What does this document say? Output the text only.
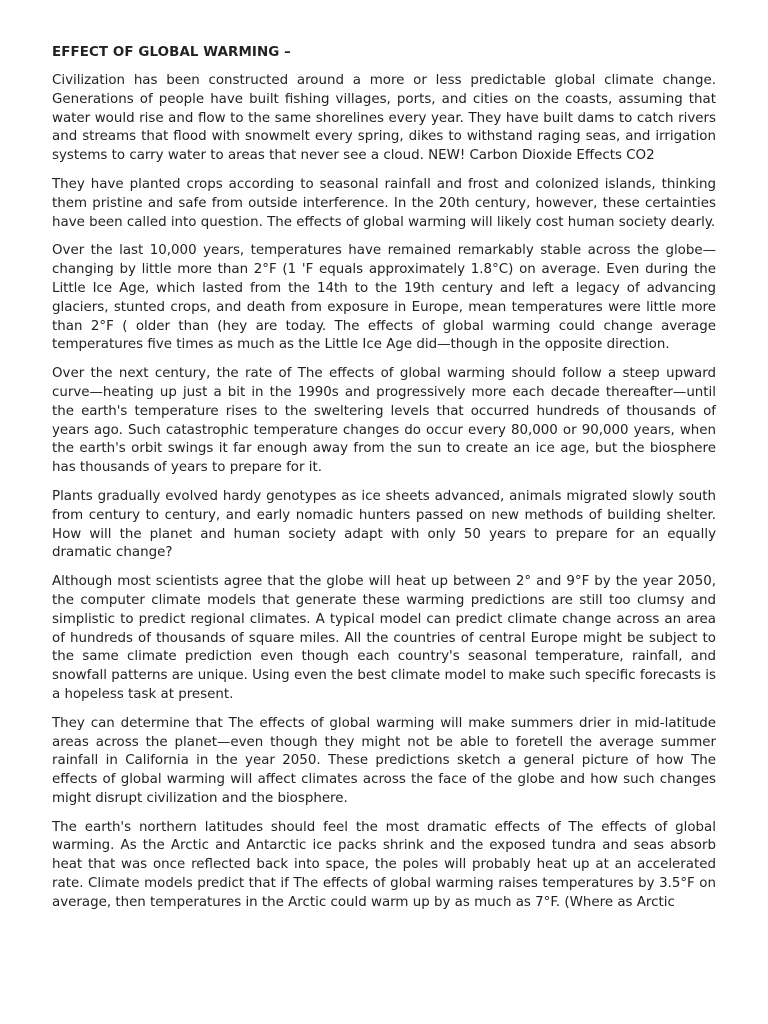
EFFECT OF GLOBAL WARMING –

Civilization has been constructed around a more or less predictable global climate change. Generations of people have built fishing villages, ports, and cities on the coasts, assuming that water would rise and flow to the same shorelines every year. They have built dams to catch rivers and streams that flood with snowmelt every spring, dikes to withstand raging seas, and irrigation systems to carry water to areas that never see a cloud. NEW! Carbon Dioxide Effects CO2

They have planted crops according to seasonal rainfall and frost and colonized islands, thinking them pristine and safe from outside interference. In the 20th century, however, these certainties have been called into question. The effects of global warming will likely cost human society dearly.

Over the last 10,000 years, temperatures have remained remarkably stable across the globe—changing by little more than 2°F (1 'F equals approximately 1.8°C) on average. Even during the Little Ice Age, which lasted from the 14th to the 19th century and left a legacy of advancing glaciers, stunted crops, and death from exposure in Europe, mean temperatures were little more than 2°F ( older than (hey are today. The effects of global warming could change average temperatures five times as much as the Little Ice Age did—though in the opposite direction.

Over the next century, the rate of The effects of global warming should follow a steep upward curve—heating up just a bit in the 1990s and progressively more each decade thereafter—until the earth's temperature rises to the sweltering levels that occurred hundreds of thousands of years ago. Such catastrophic temperature changes do occur every 80,000 or 90,000 years, when the earth's orbit swings it far enough away from the sun to create an ice age, but the biosphere has thousands of years to prepare for it.

Plants gradually evolved hardy genotypes as ice sheets advanced, animals migrated slowly south from century to century, and early nomadic hunters passed on new methods of building shelter. How will the planet and human society adapt with only 50 years to prepare for an equally dramatic change?

Although most scientists agree that the globe will heat up between 2° and 9°F by the year 2050, the computer climate models that generate these warming predictions are still too clumsy and simplistic to predict regional climates. A typical model can predict climate change across an area of hundreds of thousands of square miles. All the countries of central Europe might be subject to the same climate prediction even though each country's seasonal temperature, rainfall, and snowfall patterns are unique. Using even the best climate model to make such specific forecasts is a hopeless task at present.

They can determine that The effects of global warming will make summers drier in mid-latitude areas across the planet—even though they might not be able to foretell the average summer rainfall in California in the year 2050. These predictions sketch a general picture of how The effects of global warming will affect climates across the face of the globe and how such changes might disrupt civilization and the biosphere.

The earth's northern latitudes should feel the most dramatic effects of The effects of global warming. As the Arctic and Antarctic ice packs shrink and the exposed tundra and seas absorb heat that was once reflected back into space, the poles will probably heat up at an accelerated rate. Climate models predict that if The effects of global warming raises temperatures by 3.5°F on average, then temperatures in the Arctic could warm up by as much as 7°F. (Where as Arctic
